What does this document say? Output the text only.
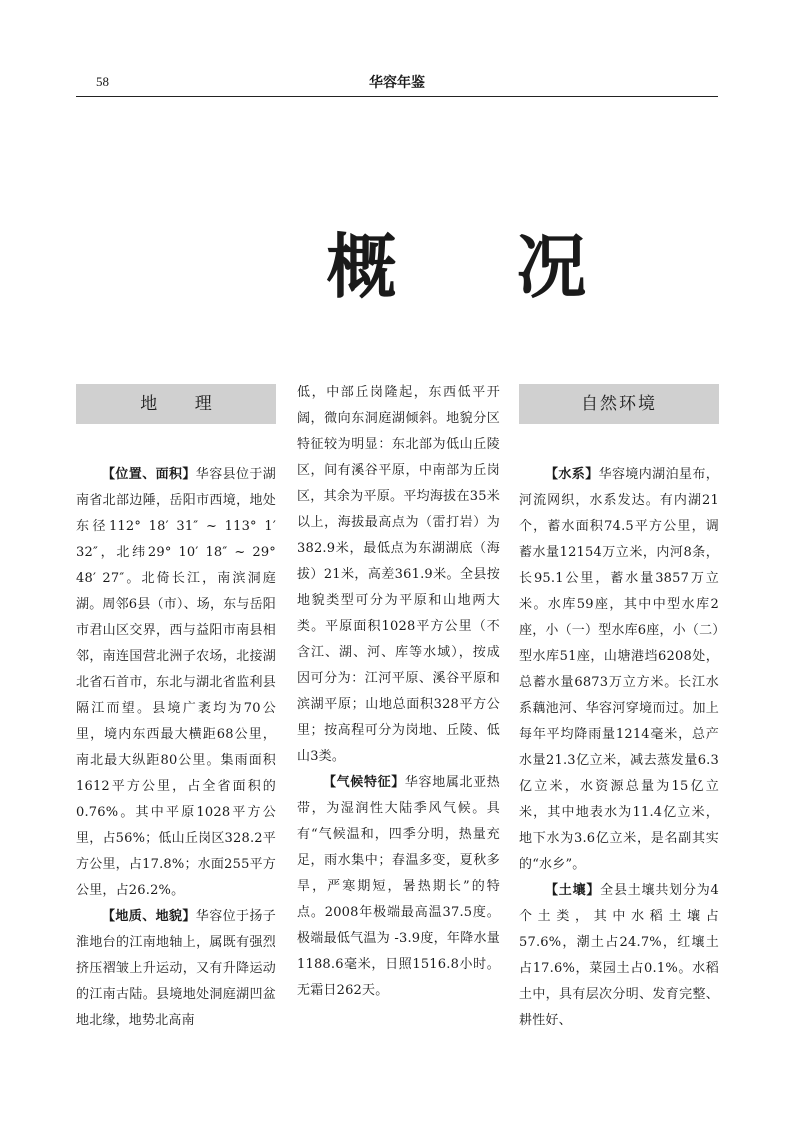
58	华容年鉴
概况
地 理

【位置、面积】华容县位于湖南省北部边陲，岳阳市西境，地处东径112° 18′ 31″ ~ 113° 1′ 32″，北纬29° 10′ 18″ ~ 29° 48′ 27″。北倚长江，南滨洞庭湖。周邻6县（市）、场，东与岳阳市君山区交界，西与益阳市南县相邻，南连国营北洲子农场，北接湖北省石首市，东北与湖北省监利县隔江而望。县境广袤均为70公里，境内东西最大横距68公里，南北最大纵距80公里。集雨面积1612平方公里，占全省面积的0.76%。其中平原1028平方公里，占56%；低山丘岗区328.2平方公里，占17.8%；水面255平方公里，占26.2%。

【地质、地貌】华容位于扬子淮地台的江南地轴上，属既有强烈挤压褶皱上升运动，又有升降运动的江南古陆。县境地处洞庭湖凹盆地北缘，地势北高南

低，中部丘岗隆起，东西低平开阔，微向东洞庭湖倾斜。地貌分区特征较为明显：东北部为低山丘陵区，间有溪谷平原，中南部为丘岗区，其余为平原。平均海拔在35米以上，海拔最高点为（雷打岩）为382.9米，最低点为东湖湖底（海拔）21米，高差361.9米。全县按地貌类型可分为平原和山地两大类。平原面积1028平方公里（不含江、湖、河、库等水域），按成因可分为：江河平原、溪谷平原和滨湖平原；山地总面积328平方公里；按高程可分为岗地、丘陵、低山3类。

【气候特征】华容地属北亚热带，为湿润性大陆季风气候。具有“气候温和，四季分明，热量充足，雨水集中；春温多变，夏秋多旱，严寒期短，暑热期长”的特点。2008年极端最高温37.5度。极端最低气温为 -3.9度，年降水量1188.6毫米，日照1516.8小时。无霜日262天。

自然环境

【水系】华容境内湖泊星布，河流网织，水系发达。有内湖21个，蓄水面积74.5平方公里，调蓄水量12154万立米，内河8条，长95.1公里，蓄水量3857万立米。水库59座，其中中型水库2座，小（一）型水库6座，小（二）型水库51座，山塘港垱6208处，总蓄水量6873万立方米。长江水系藕池河、华容河穿境而过。加上每年平均降雨量1214毫米，总产水量21.3亿立米，减去蒸发量6.3亿立米，水资源总量为15亿立米，其中地表水为11.4亿立米，地下水为3.6亿立米，是名副其实的“水乡”。

【土壤】全县土壤共划分为4个土类，其中水稻土壤占57.6%，潮土占24.7%，红壤土占17.6%，菜园土占0.1%。水稻土中，具有层次分明、发育完整、耕性好、
